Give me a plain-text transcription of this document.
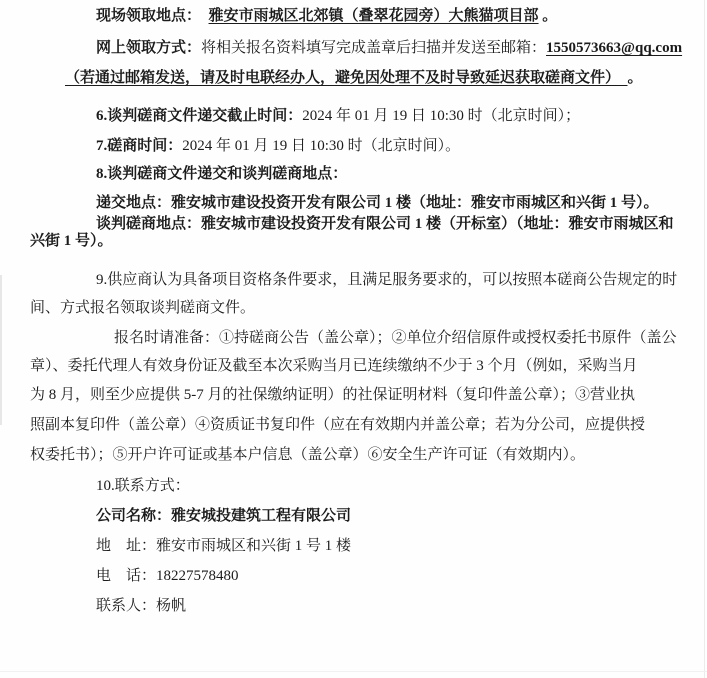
现场领取地点：　 雅安市雨城区北郊镇（叠翠花园旁）大熊猫项目部 。
网上领取方式：将相关报名资料填写完成盖章后扫描并发送至邮箱：1550573663@qq.com
（若通过邮箱发送，请及时电联经办人，避免因处理不及时导致延迟获取磋商文件）　。
6.谈判磋商文件递交截止时间：2024 年 01 月 19 日 10:30 时（北京时间）；
7.磋商时间：2024 年 01 月 19 日 10:30 时（北京时间）。
8.谈判磋商文件递交和谈判磋商地点：
递交地点：雅安城市建设投资开发有限公司 1 楼（地址：雅安市雨城区和兴街 1 号）。
谈判磋商地点：雅安城市建设投资开发有限公司 1 楼（开标室）（地址：雅安市雨城区和
兴街 1 号）。
9.供应商认为具备项目资格条件要求，且满足服务要求的，可以按照本磋商公告规定的时
间、方式报名领取谈判磋商文件。
报名时请准备：①持磋商公告（盖公章）；②单位介绍信原件或授权委托书原件（盖公
章）、委托代理人有效身份证及截至本次采购当月已连续缴纳不少于 3 个月（例如，采购当月
为 8 月，则至少应提供 5-7 月的社保缴纳证明）的社保证明材料（复印件盖公章）；③营业执
照副本复印件（盖公章）④资质证书复印件（应在有效期内并盖公章；若为分公司，应提供授
权委托书）；⑤开户许可证或基本户信息（盖公章）⑥安全生产许可证（有效期内）。
10.联系方式：
公司名称：雅安城投建筑工程有限公司
地　址：雅安市雨城区和兴街 1 号 1 楼
电　话：18227578480
联系人：杨帆
